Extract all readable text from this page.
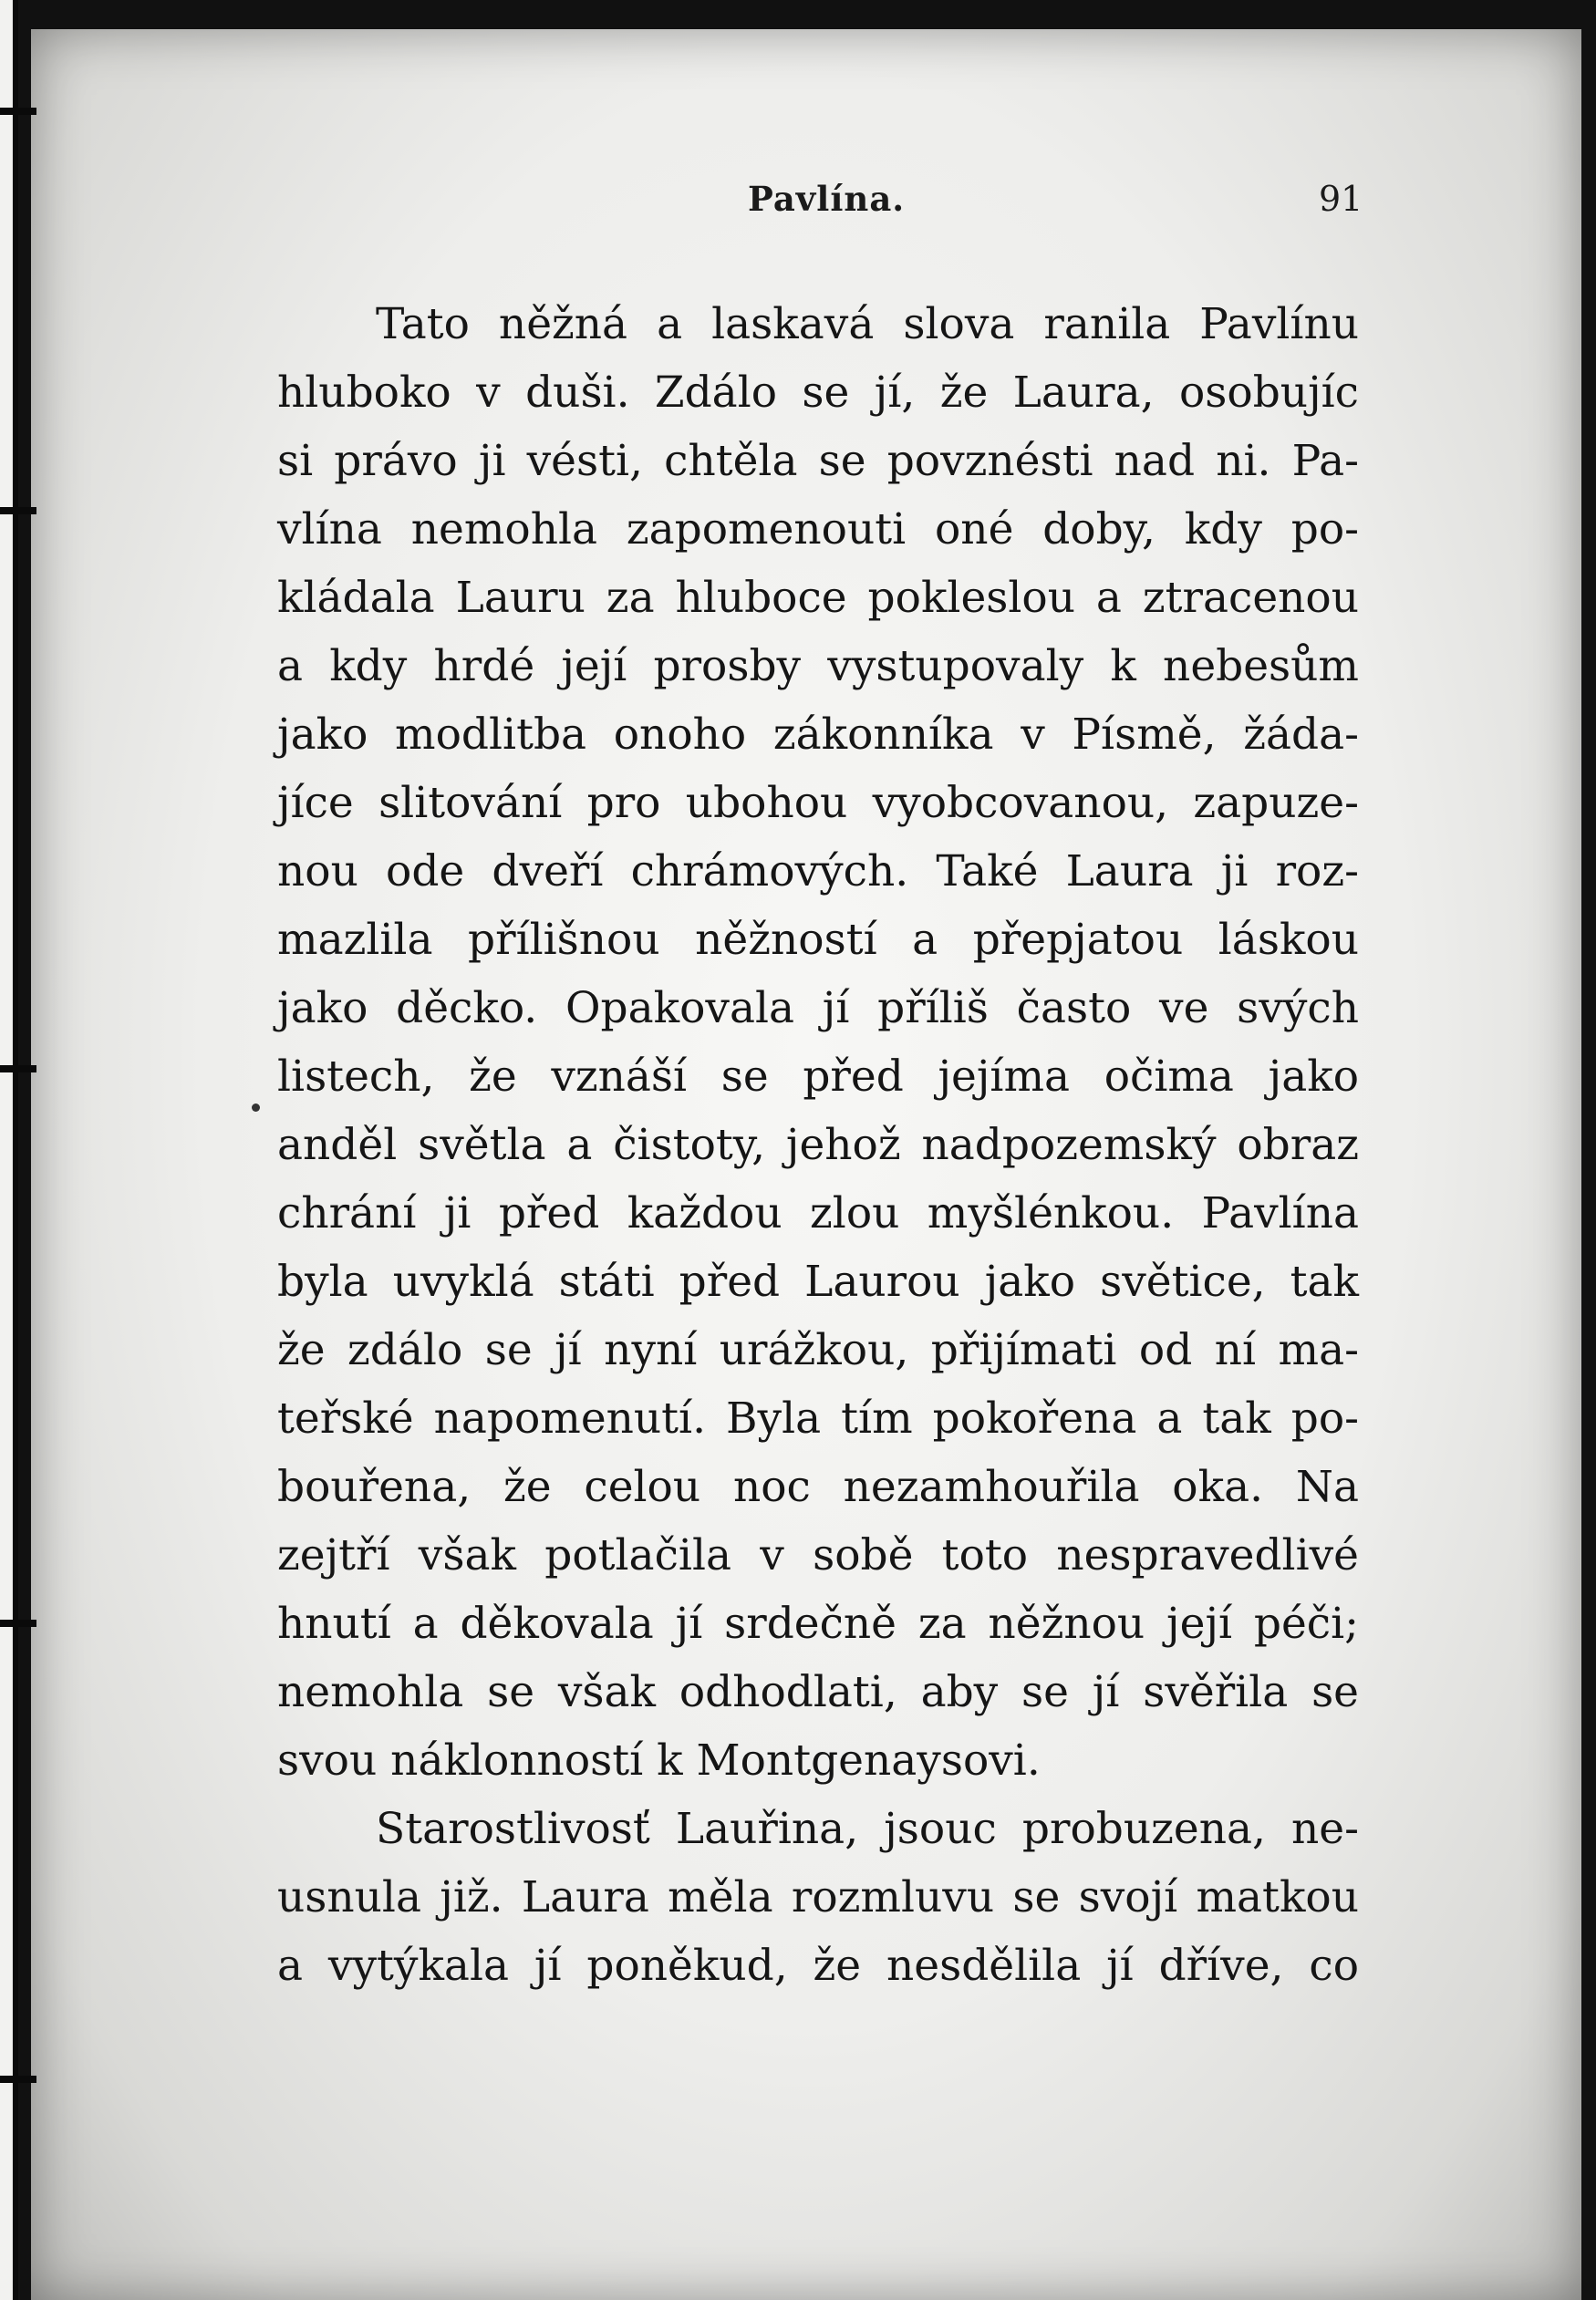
Pavlína.	91
Tato něžná a laskavá slova ranila Pavlínu
hluboko v duši. Zdálo se jí, že Laura, osobujíc
si právo ji vésti, chtěla se povznésti nad ni. Pa-
vlína nemohla zapomenouti oné doby, kdy po-
kládala Lauru za hluboce pokleslou a ztracenou
a kdy hrdé její prosby vystupovaly k nebesům
jako modlitba onoho zákonníka v Písmě, žáda-
jíce slitování pro ubohou vyobcovanou, zapuze-
nou ode dveří chrámových. Také Laura ji roz-
mazlila přílišnou něžností a přepjatou láskou
jako děcko. Opakovala jí příliš často ve svých
listech, že vznáší se před jejíma očima jako
anděl světla a čistoty, jehož nadpozemský obraz
chrání ji před každou zlou myšlénkou. Pavlína
byla uvyklá státi před Laurou jako světice, tak
že zdálo se jí nyní urážkou, přijímati od ní ma-
teřské napomenutí. Byla tím pokořena a tak po-
bouřena, že celou noc nezamhouřila oka. Na
zejtří však potlačila v sobě toto nespravedlivé
hnutí a děkovala jí srdečně za něžnou její péči;
nemohla se však odhodlati, aby se jí svěřila se
svou náklonností k Montgenaysovi.
Starostlivosť Lauřina, jsouc probuzena, ne-
usnula již. Laura měla rozmluvu se svojí matkou
a vytýkala jí poněkud, že nesdělila jí dříve, co
